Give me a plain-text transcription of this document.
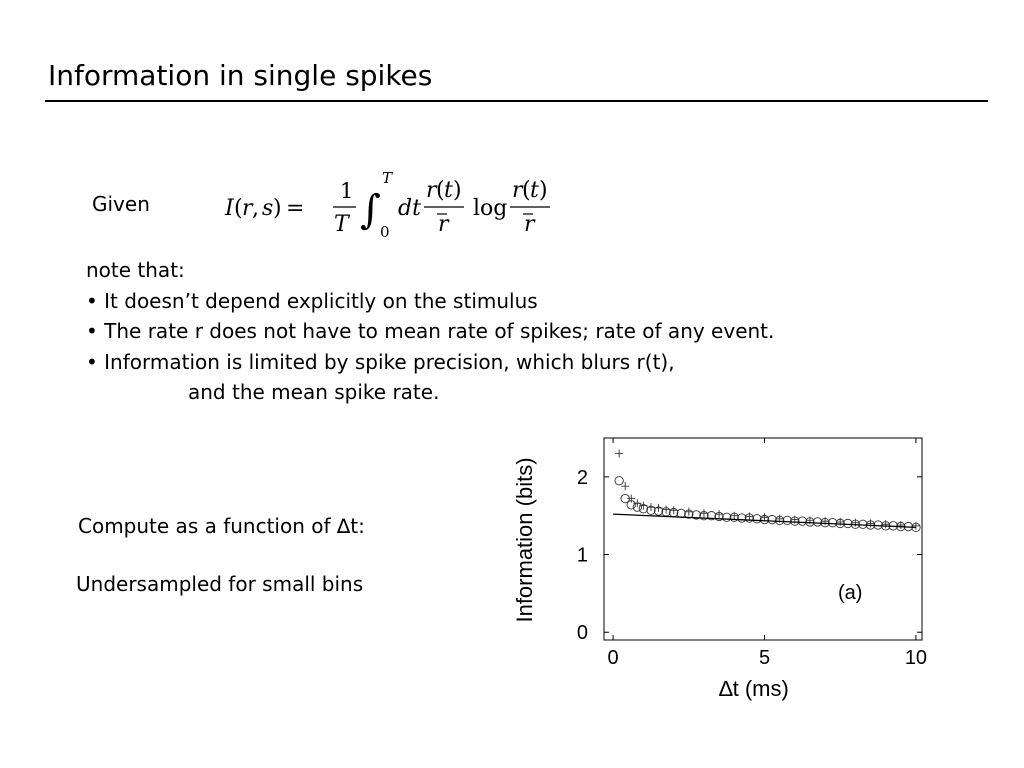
Information in single spikes
Given	I ( r , s ) =
1
T ∫
T
0
dt
r ( t )
r
log
r ( t )
r
note that:
• It doesn’t depend explicitly on the stimulus
• The rate r does not have to mean rate of spikes; rate of any event.
• Information is limited by spike precision, which blurs r(t),
and the mean spike rate.
Compute as a function of ∆t:
Undersampled for small bins
0	5	10
0
1
2
(a)
∆t (ms)
Information (bits)
